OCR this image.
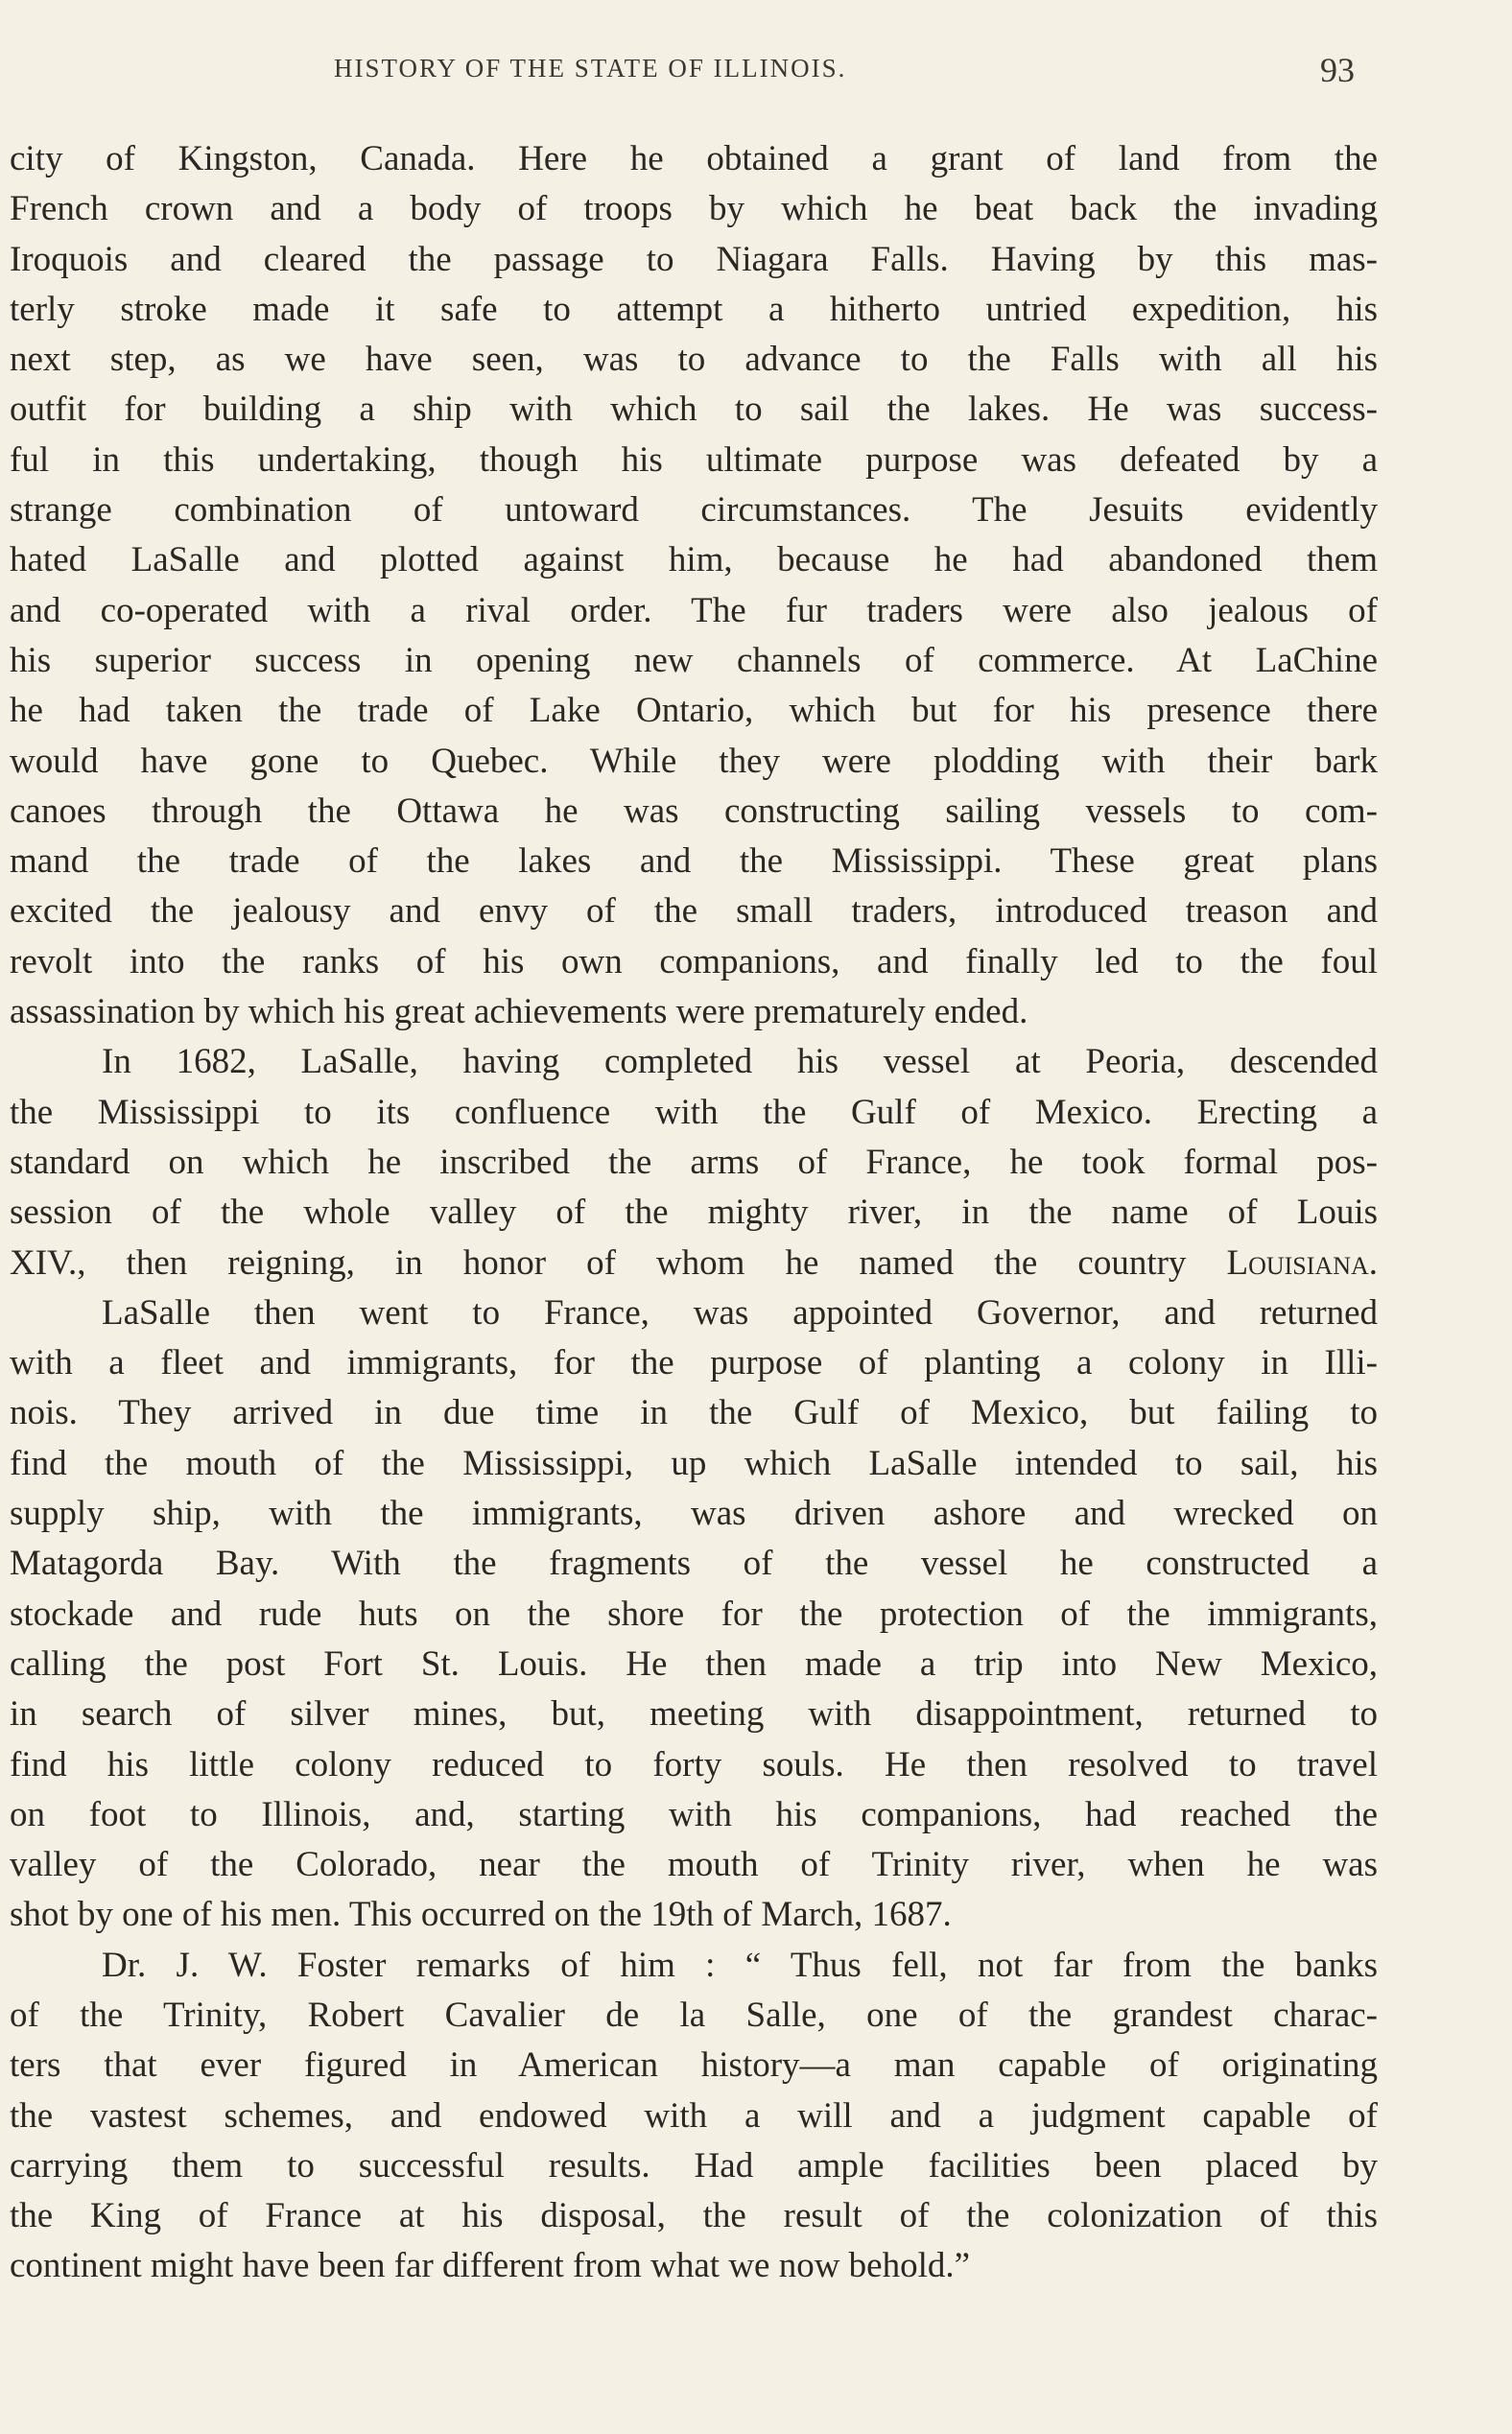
HISTORY OF THE STATE OF ILLINOIS.	93
city of Kingston, Canada. Here he obtained a grant of land from the
French crown and a body of troops by which he beat back the invading
Iroquois and cleared the passage to Niagara Falls. Having by this mas-
terly stroke made it safe to attempt a hitherto untried expedition, his
next step, as we have seen, was to advance to the Falls with all his
outfit for building a ship with which to sail the lakes. He was success-
ful in this undertaking, though his ultimate purpose was defeated by a
strange combination of untoward circumstances. The Jesuits evidently
hated LaSalle and plotted against him, because he had abandoned them
and co-operated with a rival order. The fur traders were also jealous of
his superior success in opening new channels of commerce. At LaChine
he had taken the trade of Lake Ontario, which but for his presence there
would have gone to Quebec. While they were plodding with their bark
canoes through the Ottawa he was constructing sailing vessels to com-
mand the trade of the lakes and the Mississippi. These great plans
excited the jealousy and envy of the small traders, introduced treason and
revolt into the ranks of his own companions, and finally led to the foul
assassination by which his great achievements were prematurely ended.
In 1682, LaSalle, having completed his vessel at Peoria, descended
the Mississippi to its confluence with the Gulf of Mexico. Erecting a
standard on which he inscribed the arms of France, he took formal pos-
session of the whole valley of the mighty river, in the name of Louis
XIV., then reigning, in honor of whom he named the country Louisiana.
LaSalle then went to France, was appointed Governor, and returned
with a fleet and immigrants, for the purpose of planting a colony in Illi-
nois. They arrived in due time in the Gulf of Mexico, but failing to
find the mouth of the Mississippi, up which LaSalle intended to sail, his
supply ship, with the immigrants, was driven ashore and wrecked on
Matagorda Bay. With the fragments of the vessel he constructed a
stockade and rude huts on the shore for the protection of the immigrants,
calling the post Fort St. Louis. He then made a trip into New Mexico,
in search of silver mines, but, meeting with disappointment, returned to
find his little colony reduced to forty souls. He then resolved to travel
on foot to Illinois, and, starting with his companions, had reached the
valley of the Colorado, near the mouth of Trinity river, when he was
shot by one of his men. This occurred on the 19th of March, 1687.
Dr. J. W. Foster remarks of him : “ Thus fell, not far from the banks
of the Trinity, Robert Cavalier de la Salle, one of the grandest charac-
ters that ever figured in American history—a man capable of originating
the vastest schemes, and endowed with a will and a judgment capable of
carrying them to successful results. Had ample facilities been placed by
the King of France at his disposal, the result of the colonization of this
continent might have been far different from what we now behold.”
